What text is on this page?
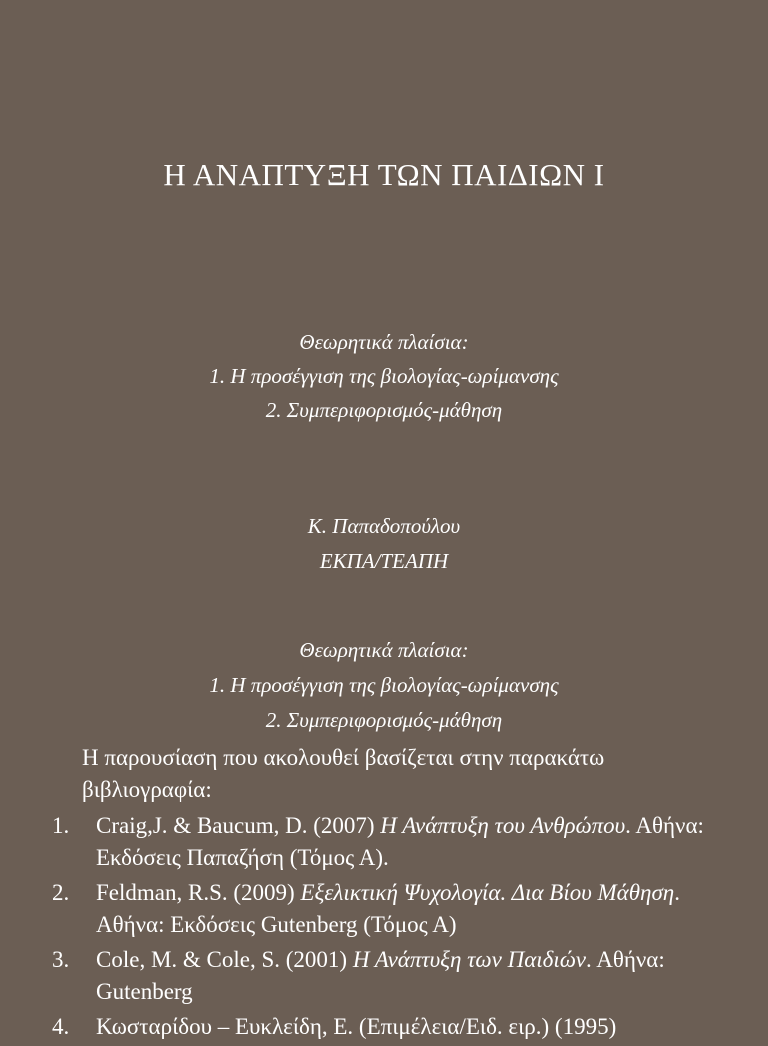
Η ΑΝΑΠΤΥΞΗ ΤΩΝ ΠΑΙΔΙΩΝ Ι
Θεωρητικά πλαίσια:
1. Η προσέγγιση της βιολογίας-ωρίμανσης
2. Συμπεριφορισμός-μάθηση
Κ. Παπαδοπούλου
ΕΚΠΑ/ΤΕΑΠΗ
Θεωρητικά πλαίσια:
1. Η προσέγγιση της βιολογίας-ωρίμανσης
2. Συμπεριφορισμός-μάθηση
Η παρουσίαση που ακολουθεί βασίζεται στην παρακάτω βιβλιογραφία:
1. Craig,J. & Baucum, D. (2007) Η Ανάπτυξη του Ανθρώπου. Αθήνα: Εκδόσεις Παπαζήση (Τόμος Α).
2. Feldman, R.S. (2009) Εξελικτική Ψυχολογία. Δια Βίου Μάθηση. Αθήνα: Εκδόσεις Gutenberg (Τόμος Α)
3. Cole, M. & Cole, S. (2001) Η Ανάπτυξη των Παιδιών. Αθήνα: Gutenberg
4. Κωσταρίδου – Ευκλείδη, Ε. (Επιμέλεια/Ειδ. ειρ.) (1995)
